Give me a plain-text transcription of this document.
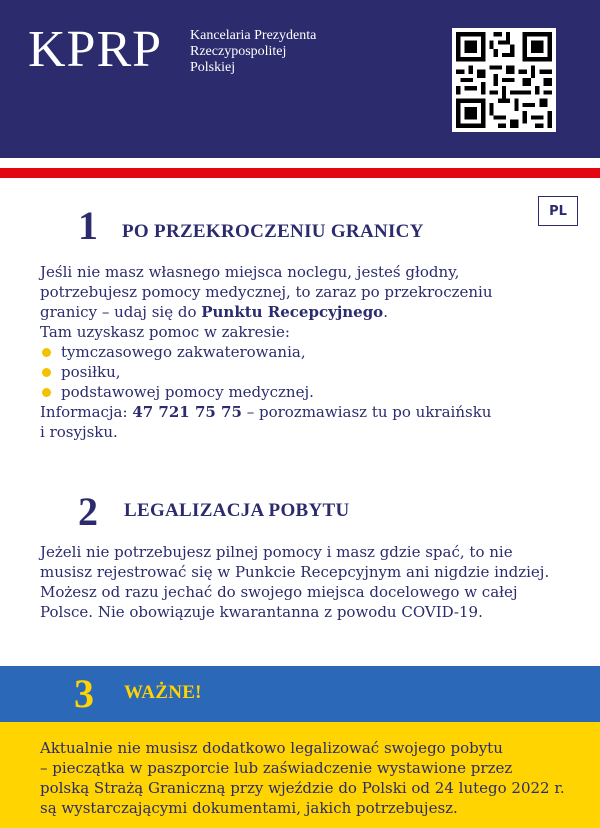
KPRP Kancelaria Prezydenta
Rzeczypospolitej
Polskiej
PL
1 PO PRZEKROCZENIU GRANICY
Jeśli nie masz własnego miejsca noclegu, jesteś głodny,
potrzebujesz pomocy medycznej, to zaraz po przekroczeniu
granicy – udaj się do Punktu Recepcyjnego.
Tam uzyskasz pomoc w zakresie:
tymczasowego zakwaterowania,
posiłku,
podstawowej pomocy medycznej.
Informacja: 47 721 75 75 – porozmawiasz tu po ukraińsku
i rosyjsku.
2 LEGALIZACJA POBYTU
Jeżeli nie potrzebujesz pilnej pomocy i masz gdzie spać, to nie
musisz rejestrować się w Punkcie Recepcyjnym ani nigdzie indziej.
Możesz od razu jechać do swojego miejsca docelowego w całej
Polsce. Nie obowiązuje kwarantanna z powodu COVID-19.
3 WAŻNE!
Aktualnie nie musisz dodatkowo legalizować swojego pobytu
– pieczątka w paszporcie lub zaświadczenie wystawione przez
polską Strażą Graniczną przy wjeździe do Polski od 24 lutego 2022 r.
są wystarczającymi dokumentami, jakich potrzebujesz.
